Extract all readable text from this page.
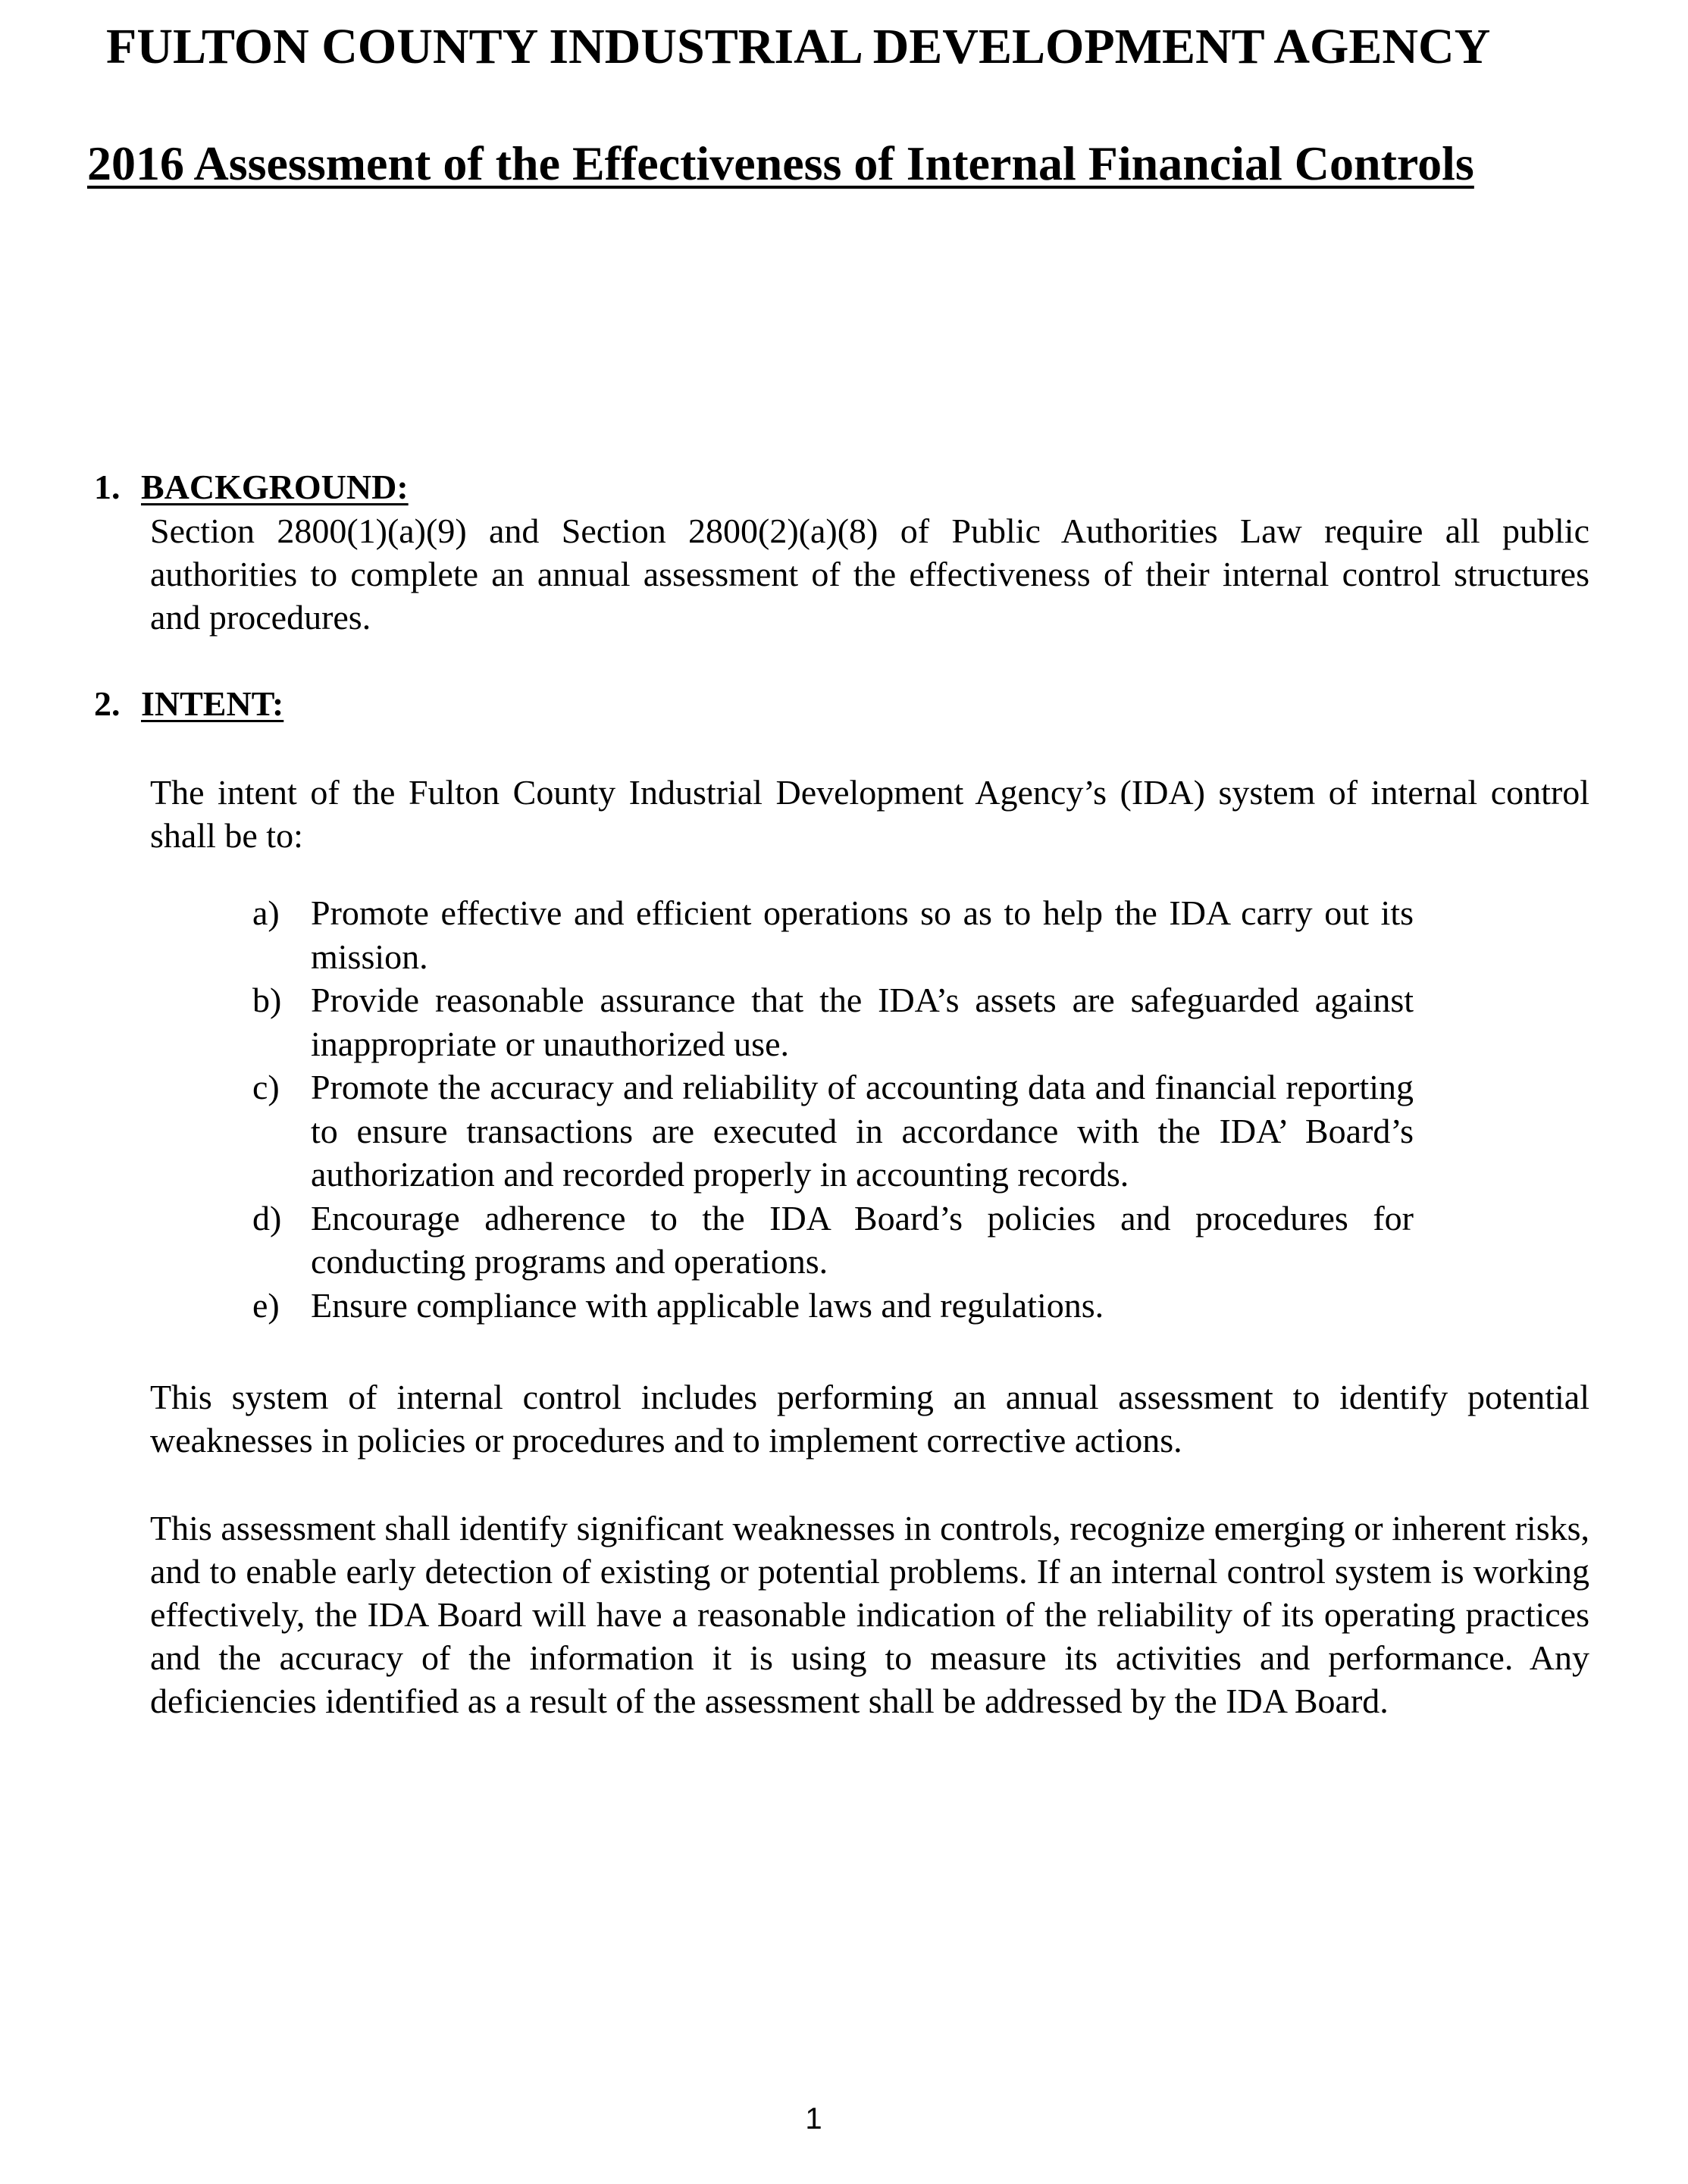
FULTON COUNTY INDUSTRIAL DEVELOPMENT AGENCY
2016 Assessment of the Effectiveness of Internal Financial Controls
1. BACKGROUND:

Section 2800(1)(a)(9) and Section 2800(2)(a)(8) of Public Authorities Law require all public authorities to complete an annual assessment of the effectiveness of their internal control structures and procedures.

2. INTENT:

The intent of the Fulton County Industrial Development Agency’s (IDA) system of internal control shall be to:

a) Promote effective and efficient operations so as to help the IDA carry out its mission.
b) Provide reasonable assurance that the IDA’s assets are safeguarded against inappropriate or unauthorized use.
c) Promote the accuracy and reliability of accounting data and financial reporting to ensure transactions are executed in accordance with the IDA’ Board’s authorization and recorded properly in accounting records.
d) Encourage adherence to the IDA Board’s policies and procedures for conducting programs and operations.
e) Ensure compliance with applicable laws and regulations.

This system of internal control includes performing an annual assessment to identify potential weaknesses in policies or procedures and to implement corrective actions.

This assessment shall identify significant weaknesses in controls, recognize emerging or inherent risks, and to enable early detection of existing or potential problems. If an internal control system is working effectively, the IDA Board will have a reasonable indication of the reliability of its operating practices and the accuracy of the information it is using to measure its activities and performance. Any deficiencies identified as a result of the assessment shall be addressed by the IDA Board.

1
